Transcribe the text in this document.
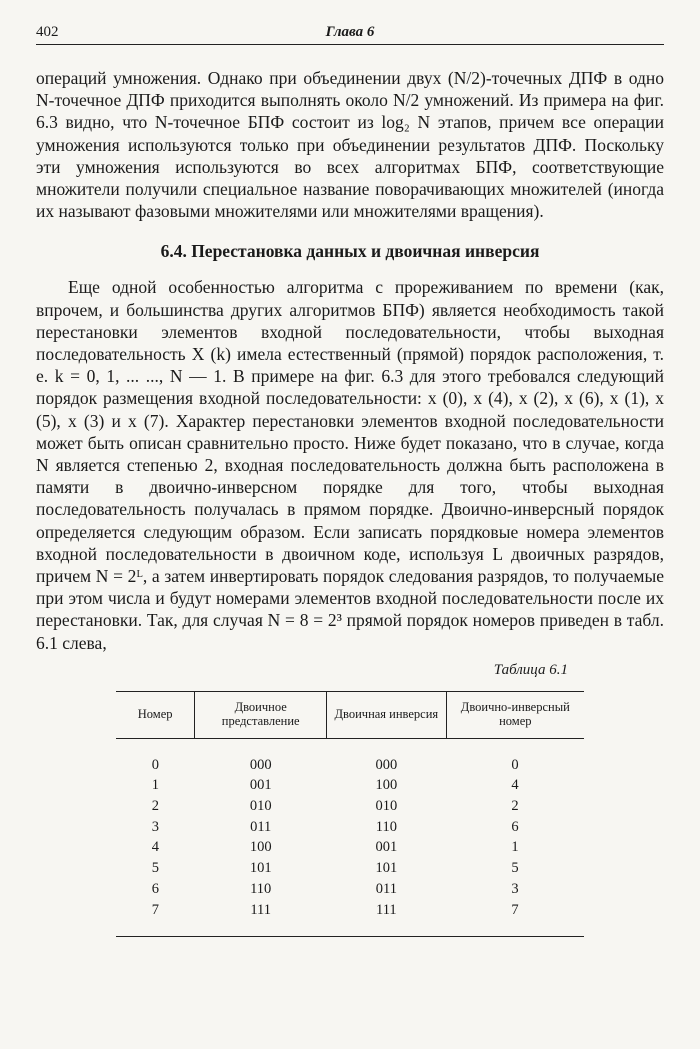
402	Глава 6

операций умножения. Однако при объединении двух (N/2)-точечных ДПФ в одно N-точечное ДПФ приходится выполнять около N/2 умножений. Из примера на фиг. 6.3 видно, что N-точечное БПФ состоит из log₂ N этапов, причем все операции умножения используются только при объединении результатов ДПФ. Поскольку эти умножения используются во всех алгоритмах БПФ, соответствующие множители получили специальное название поворачивающих множителей (иногда их называют фазовыми множителями или множителями вращения).

6.4. Перестановка данных и двоичная инверсия

Еще одной особенностью алгоритма с прореживанием по времени (как, впрочем, и большинства других алгоритмов БПФ) является необходимость такой перестановки элементов входной последовательности, чтобы выходная последовательность X (k) имела естественный (прямой) порядок расположения, т. е. k = 0, 1, ... ..., N — 1. В примере на фиг. 6.3 для этого требовался следующий порядок размещения входной последовательности: x (0), x (4), x (2), x (6), x (1), x (5), x (3) и x (7). Характер перестановки элементов входной последовательности может быть описан сравнительно просто. Ниже будет показано, что в случае, когда N является степенью 2, входная последовательность должна быть расположена в памяти в двоично-инверсном порядке для того, чтобы выходная последовательность получалась в прямом порядке. Двоично-инверсный порядок определяется следующим образом. Если записать порядковые номера элементов входной последовательности в двоичном коде, используя L двоичных разрядов, причем N = 2ᴸ, а затем инвертировать порядок следования разрядов, то получаемые при этом числа и будут номерами элементов входной последовательности после их перестановки. Так, для случая N = 8 = 2³ прямой порядок номеров приведен в табл. 6.1 слева,

Таблица 6.1
Номер	Двоичное представление	Двоичная инверсия	Двоично-инверсный номер
0	000	000	0
1	001	100	4
2	010	010	2
3	011	110	6
4	100	001	1
5	101	101	5
6	110	011	3
7	111	111	7
